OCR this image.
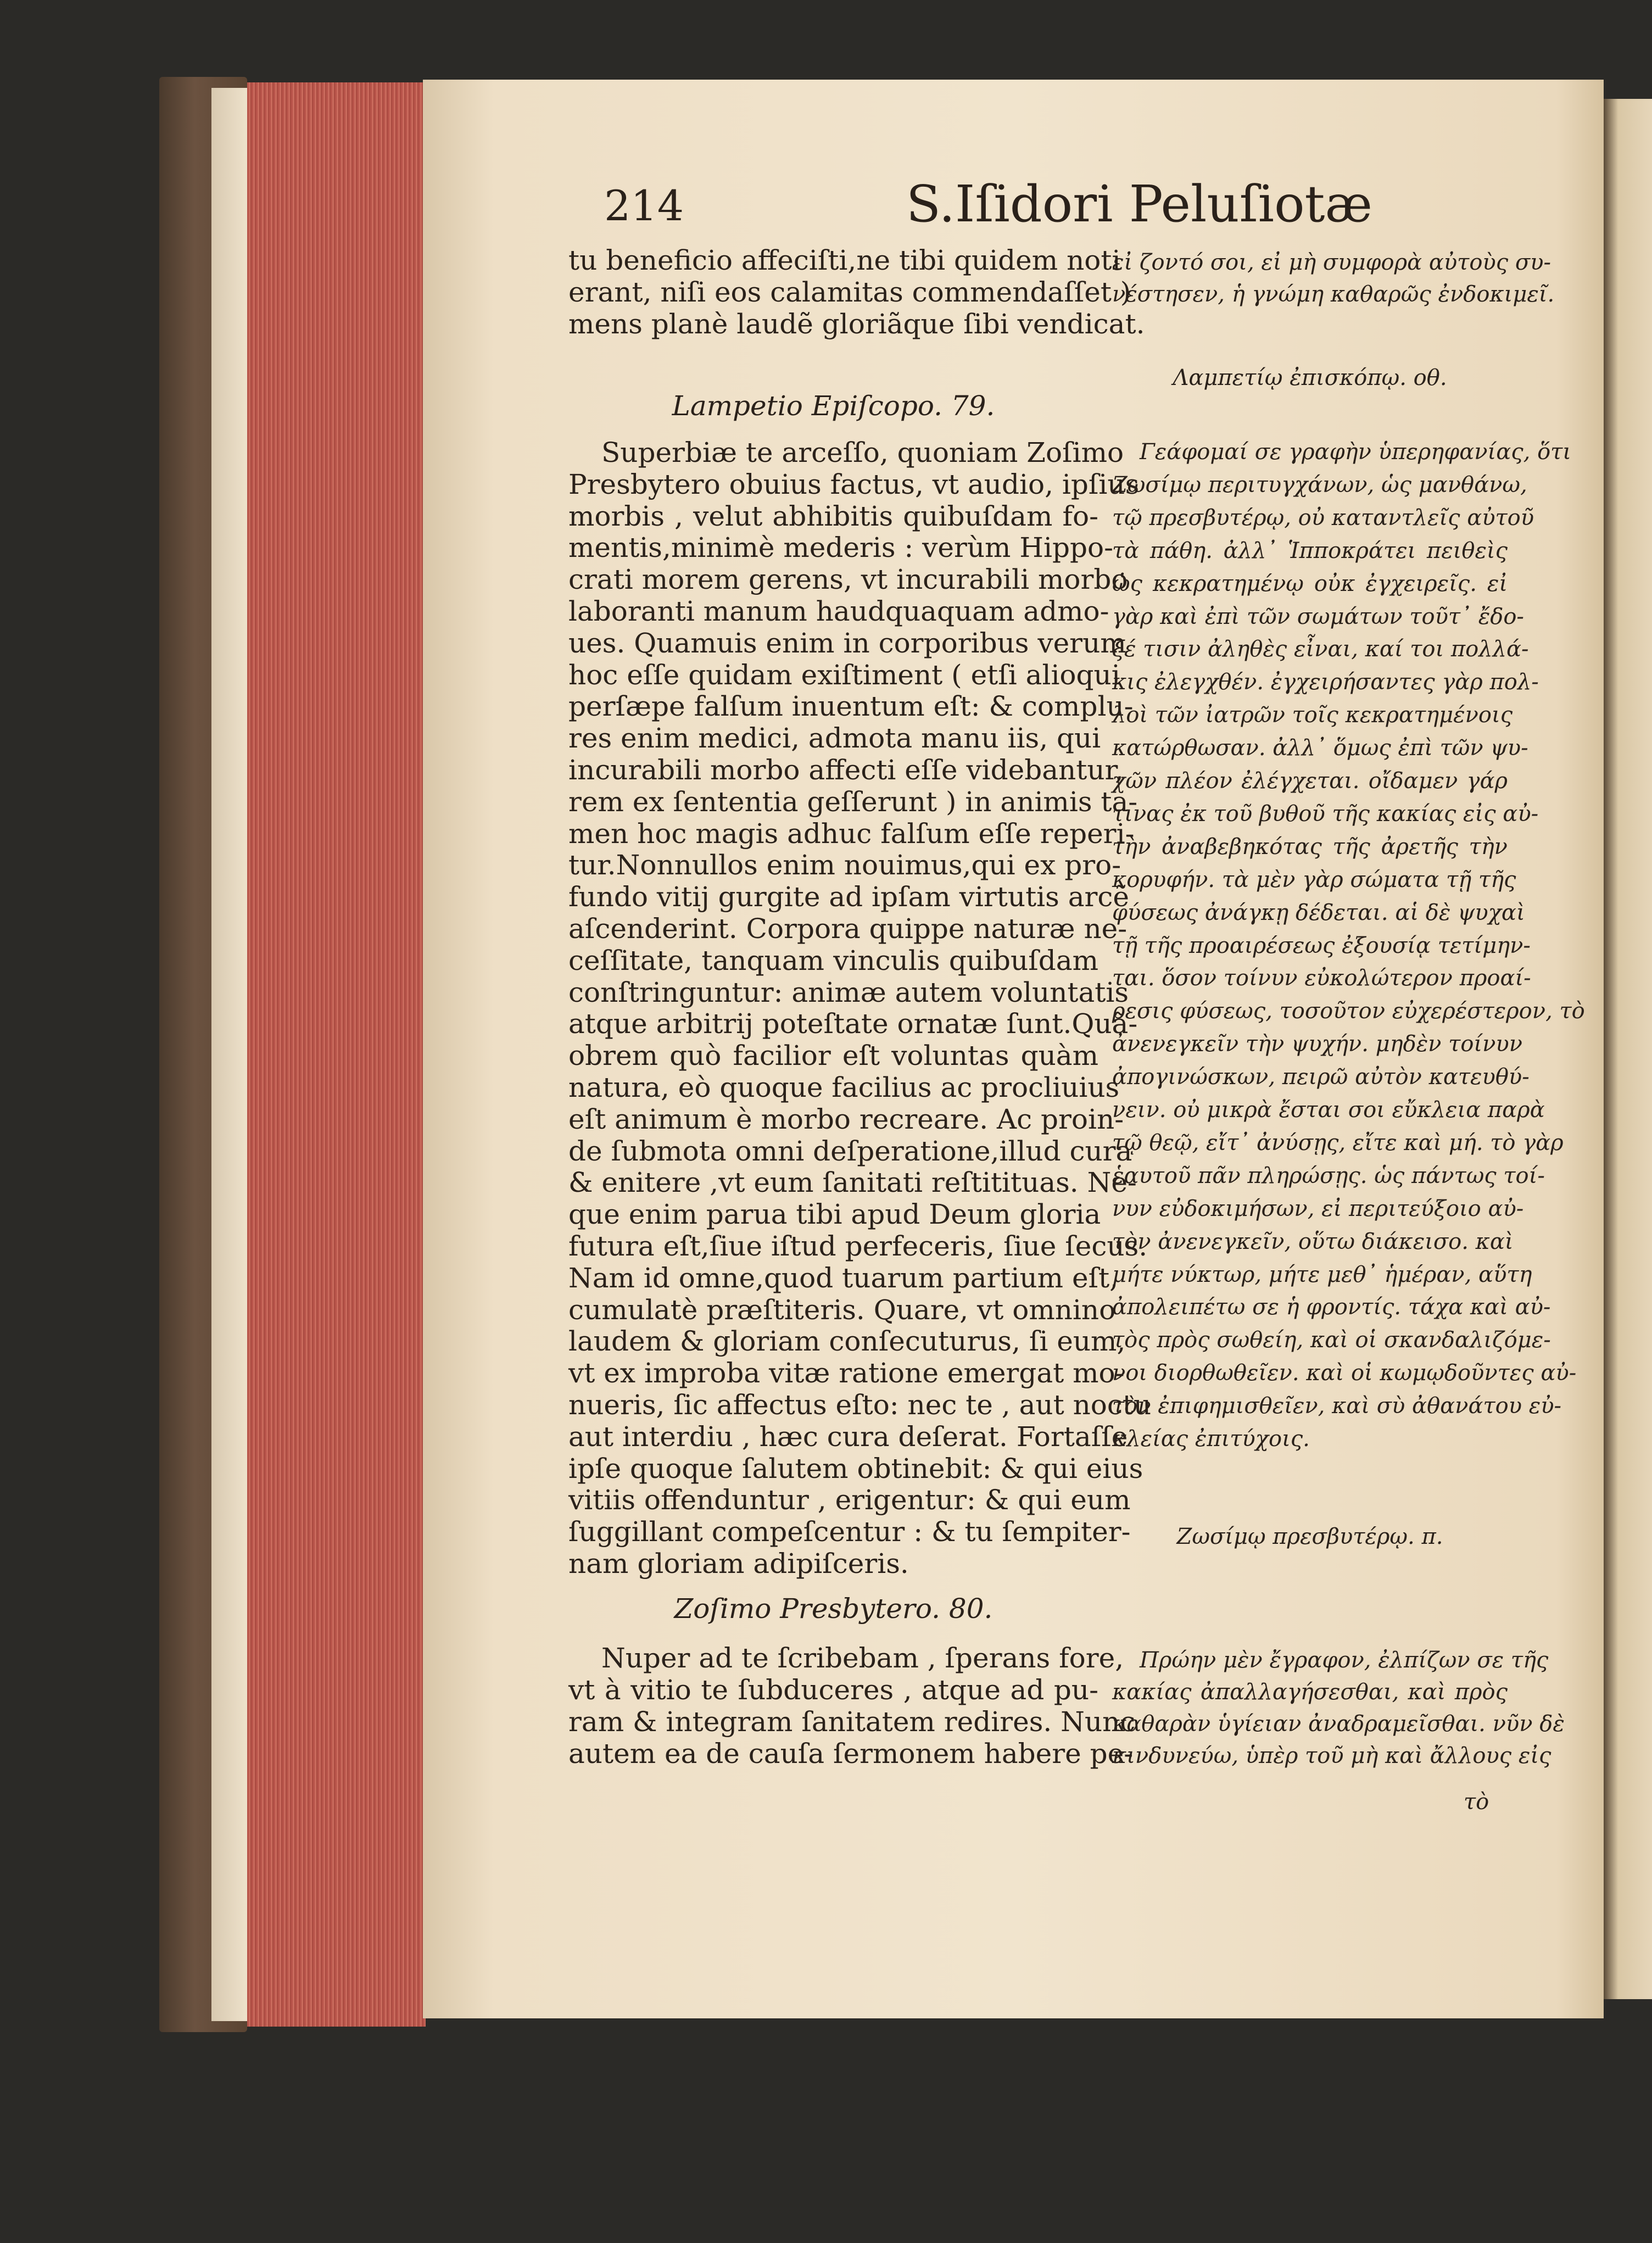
214	S.Iſidori Peluſiotæ
tu beneficio affeciſti,ne tibi quidem noti
erant, niſi eos calamitas commendaſſet )
mens planè laudẽ gloriãque ſibi vendicat.
Lampetio Epiſcopo. 79.
Superbiæ te arceſſo, quoniam Zoſimo
Presbytero obuius factus, vt audio, ipſius
morbis , velut abhibitis quibuſdam fo-
mentis,minimè mederis : verùm Hippo-
crati morem gerens, vt incurabili morbo
laboranti manum haudquaquam admo-
ues. Quamuis enim in corporibus verum
hoc eſſe quidam exiſtiment ( etſi alioqui
perſæpe falſum inuentum eſt: & complu-
res enim medici, admota manu iis, qui
incurabili morbo affecti eſſe videbantur,
rem ex ſententia geſſerunt ) in animis ta-
men hoc magis adhuc falſum eſſe reperi-
tur.Nonnullos enim nouimus,qui ex pro-
fundo vitij gurgite ad ipſam virtutis arcẽ
aſcenderint. Corpora quippe naturæ ne-
ceſſitate, tanquam vinculis quibuſdam
conſtringuntur: animæ autem voluntatis
atque arbitrij poteſtate ornatæ ſunt.Quã-
obrem quò facilior eſt voluntas quàm
natura, eò quoque facilius ac procliuius
eſt animum è morbo recreare. Ac proin-
de ſubmota omni deſperatione,illud cura
& enitere ,vt eum ſanitati reſtitituas. Ne-
que enim parua tibi apud Deum gloria
futura eſt,ſiue iſtud perfeceris, ſiue ſecus.
Nam id omne,quod tuarum partium eſt,
cumulatè præſtiteris. Quare, vt omnino
laudem & gloriam conſecuturus, ſi eum,
vt ex improba vitæ ratione emergat mo-
nueris, ſic affectus eſto: nec te , aut noctu
aut interdiu , hæc cura deſerat. Fortaſſe
ipſe quoque ſalutem obtinebit: & qui eius
vitiis offenduntur , erigentur: & qui eum
ſuggillant compeſcentur : & tu ſempiter-
nam gloriam adipiſceris.
Zoſimo Presbytero. 80.
Nuper ad te ſcribebam , ſperans fore,
vt à vitio te ſubduceres , atque ad pu-
ram & integram ſanitatem redires. Nunc
autem ea de cauſa ſermonem habere pe-
εἰ ζοντό σοι, εἰ μὴ συμφορὰ αὐτοὺς συ-
νέστησεν, ἡ γνώμη καθαρῶς ἐνδοκιμεῖ.
Λαμπετίῳ ἐπισκόπῳ. οθ.
Γεάφομαί σε γραφὴν ὑπερηφανίας, ὅτι
Ζωσίμῳ περιτυγχάνων, ὡς μανθάνω,
τῷ πρεσβυτέρῳ, οὐ καταντλεῖς αὐτοῦ
τὰ πάθη. ἀλλ᾽ Ἱπποκράτει πειθεὶς
ὡς κεκρατημένῳ οὐκ ἐγχειρεῖς. εἰ
γὰρ καὶ ἐπὶ τῶν σωμάτων τοῦτ᾽ ἔδο-
ξέ τισιν ἀληθὲς εἶναι, καί τοι πολλά-
κις ἐλεγχθέν. ἐγχειρήσαντες γὰρ πολ-
λοὶ τῶν ἰατρῶν τοῖς κεκρατημένοις
κατώρθωσαν. ἀλλ᾽ ὅμως ἐπὶ τῶν ψυ-
χῶν πλέον ἐλέγχεται. οἴδαμεν γάρ
τινας ἐκ τοῦ βυθοῦ τῆς κακίας εἰς αὐ-
τὴν ἀναβεβηκότας τῆς ἀρετῆς τὴν
κορυφήν. τὰ μὲν γὰρ σώματα τῇ τῆς
φύσεως ἀνάγκῃ δέδεται. αἱ δὲ ψυχαὶ
τῇ τῆς προαιρέσεως ἐξουσίᾳ τετίμην-
ται. ὅσον τοίνυν εὐκολώτερον προαί-
ρεσις φύσεως, τοσοῦτον εὐχερέστερον, τὸ
ἀνενεγκεῖν τὴν ψυχήν. μηδὲν τοίνυν
ἀπογινώσκων, πειρῶ αὐτὸν κατευθύ-
νειν. οὐ μικρὰ ἔσται σοι εὔκλεια παρὰ
τῷ θεῷ, εἴτ᾽ ἀνύσῃς, εἴτε καὶ μή. τὸ γὰρ
ἑαυτοῦ πᾶν πληρώσῃς. ὡς πάντως τοί-
νυν εὐδοκιμήσων, εἰ περιτεύξοιο αὐ-
τὸν ἀνενεγκεῖν, οὕτω διάκεισο. καὶ
μήτε νύκτωρ, μήτε μεθ᾽ ἡμέραν, αὕτη
ἀπολειπέτω σε ἡ φροντίς. τάχα καὶ αὐ-
τὸς πρὸς σωθείη, καὶ οἱ σκανδαλιζόμε-
νοι διορθωθεῖεν. καὶ οἱ κωμῳδοῦντες αὐ-
τὸν ἐπιφημισθεῖεν, καὶ σὺ ἀθανάτου εὐ-
κλείας ἐπιτύχοις.
Ζωσίμῳ πρεσβυτέρῳ. π.
Πρώην μὲν ἔγραφον, ἐλπίζων σε τῆς
κακίας ἀπαλλαγήσεσθαι, καὶ πρὸς
καθαρὰν ὑγίειαν ἀναδραμεῖσθαι. νῦν δὲ
κινδυνεύω, ὑπὲρ τοῦ μὴ καὶ ἄλλους εἰς
τὸ
